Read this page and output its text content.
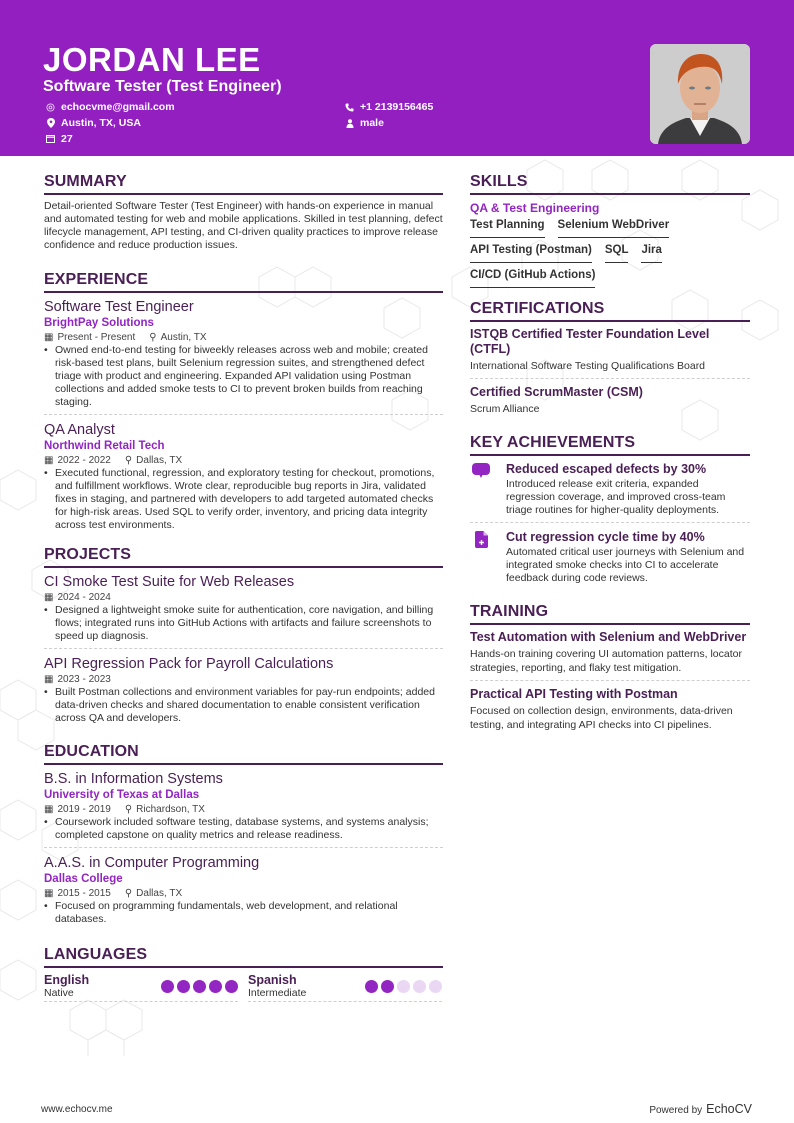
JORDAN LEE
Software Tester (Test Engineer)
echocvme@gmail.com
Austin, TX, USA
27
+1 2139156465
male
SUMMARY

Detail-oriented Software Tester (Test Engineer) with hands-on experience in manual and automated testing for web and mobile applications. Skilled in test planning, defect lifecycle management, API testing, and CI-driven quality practices to improve release confidence and reduce production issues.

EXPERIENCE
Software Test Engineer
BrightPay Solutions
▦ Present - Present ⚲ Austin, TX
• Owned end-to-end testing for biweekly releases across web and mobile; created risk-based test plans, built Selenium regression suites, and strengthened defect triage with product and engineering. Expanded API validation using Postman collections and added smoke tests to CI to prevent broken builds from reaching staging.
QA Analyst
Northwind Retail Tech
▦ 2022 - 2022 ⚲ Dallas, TX
• Executed functional, regression, and exploratory testing for checkout, promotions, and fulfillment workflows. Wrote clear, reproducible bug reports in Jira, validated fixes in staging, and partnered with developers to add targeted automated checks for high-risk areas. Used SQL to verify order, inventory, and pricing data integrity across test environments.
PROJECTS
CI Smoke Test Suite for Web Releases
▦ 2024 - 2024
• Designed a lightweight smoke suite for authentication, core navigation, and billing flows; integrated runs into GitHub Actions with artifacts and failure screenshots to speed up diagnosis.
API Regression Pack for Payroll Calculations
▦ 2023 - 2023
• Built Postman collections and environment variables for pay-run endpoints; added data-driven checks and shared documentation to enable consistent verification across QA and developers.
EDUCATION
B.S. in Information Systems
University of Texas at Dallas
▦ 2019 - 2019 ⚲ Richardson, TX
• Coursework included software testing, database systems, and systems analysis; completed capstone on quality metrics and release readiness.
A.A.S. in Computer Programming
Dallas College
▦ 2015 - 2015 ⚲ Dallas, TX
• Focused on programming fundamentals, web development, and relational databases.
LANGUAGES
English
Native
Spanish
Intermediate
SKILLS
QA & Test Engineering
Test Planning Selenium WebDriver
API Testing (Postman) SQL Jira
CI/CD (GitHub Actions)
CERTIFICATIONS
ISTQB Certified Tester Foundation Level (CTFL)
International Software Testing Qualifications Board
Certified ScrumMaster (CSM)
Scrum Alliance
KEY ACHIEVEMENTS
Reduced escaped defects by 30%
Introduced release exit criteria, expanded regression coverage, and improved cross-team triage routines for higher-quality deployments.
Cut regression cycle time by 40%
Automated critical user journeys with Selenium and integrated smoke checks into CI to accelerate feedback during code reviews.
TRAINING
Test Automation with Selenium and WebDriver
Hands-on training covering UI automation patterns, locator strategies, reporting, and flaky test mitigation.
Practical API Testing with Postman
Focused on collection design, environments, data-driven testing, and integrating API checks into CI pipelines.
www.echocv.me	Powered by EchoCV
